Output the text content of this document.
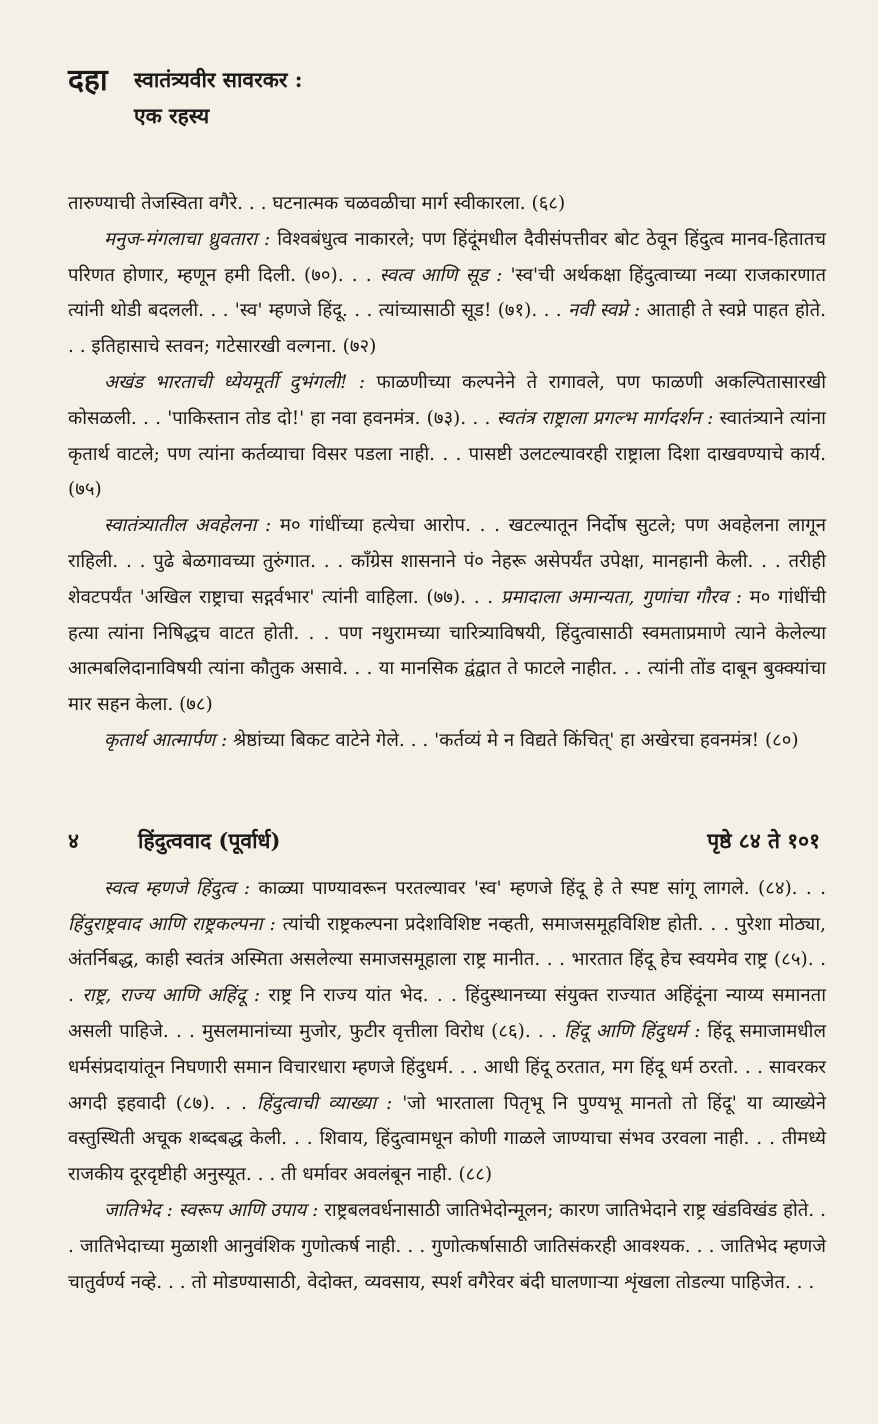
दहा स्वातंत्र्यवीर सावरकर :
एक रहस्य

तारुण्याची तेजस्विता वगैरे. . . घटनात्मक चळवळीचा मार्ग स्वीकारला. (६८)

मनुज-मंगलाचा ध्रुवतारा : विश्वबंधुत्व नाकारले; पण हिंदूंमधील दैवीसंपत्तीवर बोट ठेवून हिंदुत्व मानव-हितातच परिणत होणार, म्हणून हमी दिली. (७०). . . स्वत्व आणि सूड : 'स्व'ची अर्थकक्षा हिंदुत्वाच्या नव्या राजकारणात त्यांनी थोडी बदलली. . . 'स्व' म्हणजे हिंदू. . . त्यांच्यासाठी सूड! (७१). . . नवी स्वप्ने : आताही ते स्वप्ने पाहत होते. . . इतिहासाचे स्तवन; गटेसारखी वल्गना. (७२)

अखंड भारताची ध्येयमूर्ती दुभंगली! : फाळणीच्या कल्पनेने ते रागावले, पण फाळणी अकल्पितासारखी कोसळली. . . 'पाकिस्तान तोड दो!' हा नवा हवनमंत्र. (७३). . . स्वतंत्र राष्ट्राला प्रगल्भ मार्गदर्शन : स्वातंत्र्याने त्यांना कृतार्थ वाटले; पण त्यांना कर्तव्याचा विसर पडला नाही. . . पासष्टी उलटल्यावरही राष्ट्राला दिशा दाखवण्याचे कार्य. (७५)

स्वातंत्र्यातील अवहेलना : म० गांधींच्या हत्येचा आरोप. . . खटल्यातून निर्दोष सुटले; पण अवहेलना लागून राहिली. . . पुढे बेळगावच्या तुरुंगात. . . काँग्रेस शासनाने पं० नेहरू असेपर्यंत उपेक्षा, मानहानी केली. . . तरीही शेवटपर्यंत 'अखिल राष्ट्राचा सद्गर्वभार' त्यांनी वाहिला. (७७). . . प्रमादाला अमान्यता, गुणांचा गौरव : म० गांधींची हत्या त्यांना निषिद्धच वाटत होती. . . पण नथुरामच्या चारित्र्याविषयी, हिंदुत्वासाठी स्वमताप्रमाणे त्याने केलेल्या आत्मबलिदानाविषयी त्यांना कौतुक असावे. . . या मानसिक द्वंद्वात ते फाटले नाहीत. . . त्यांनी तोंड दाबून बुक्क्यांचा मार सहन केला. (७८)

कृतार्थ आत्मार्पण : श्रेष्ठांच्या बिकट वाटेने गेले. . . 'कर्तव्यं मे न विद्यते किंचित्' हा अखेरचा हवनमंत्र! (८०)

४	हिंदुत्ववाद (पूर्वार्ध)	पृष्ठे ८४ ते १०१

स्वत्व म्हणजे हिंदुत्व : काळ्या पाण्यावरून परतल्यावर 'स्व' म्हणजे हिंदू हे ते स्पष्ट सांगू लागले. (८४). . . हिंदुराष्ट्रवाद आणि राष्ट्रकल्पना : त्यांची राष्ट्रकल्पना प्रदेशविशिष्ट नव्हती, समाजसमूहविशिष्ट होती. . . पुरेशा मोठ्या, अंतर्निबद्ध, काही स्वतंत्र अस्मिता असलेल्या समाजसमूहाला राष्ट्र मानीत. . . भारतात हिंदू हेच स्वयमेव राष्ट्र (८५). . . राष्ट्र, राज्य आणि अहिंदू : राष्ट्र नि राज्य यांत भेद. . . हिंदुस्थानच्या संयुक्त राज्यात अहिंदूंना न्याय्य समानता असली पाहिजे. . . मुसलमानांच्या मुजोर, फुटीर वृत्तीला विरोध (८६). . . हिंदू आणि हिंदुधर्म : हिंदू समाजामधील धर्मसंप्रदायांतून निघणारी समान विचारधारा म्हणजे हिंदुधर्म. . . आधी हिंदू ठरतात, मग हिंदू धर्म ठरतो. . . सावरकर अगदी इहवादी (८७). . . हिंदुत्वाची व्याख्या : 'जो भारताला पितृभू नि पुण्यभू मानतो तो हिंदू' या व्याख्येने वस्तुस्थिती अचूक शब्दबद्ध केली. . . शिवाय, हिंदुत्वामधून कोणी गाळले जाण्याचा संभव उरवला नाही. . . तीमध्ये राजकीय दूरदृष्टीही अनुस्यूत. . . ती धर्मावर अवलंबून नाही. (८८)

जातिभेद : स्वरूप आणि उपाय : राष्ट्रबलवर्धनासाठी जातिभेदोन्मूलन; कारण जातिभेदाने राष्ट्र खंडविखंड होते. . . जातिभेदाच्या मुळाशी आनुवंशिक गुणोत्कर्ष नाही. . . गुणोत्कर्षासाठी जातिसंकरही आवश्यक. . . जातिभेद म्हणजे चातुर्वर्ण्य नव्हे. . . तो मोडण्यासाठी, वेदोक्त, व्यवसाय, स्पर्श वगैरेवर बंदी घालणाऱ्या शृंखला तोडल्या पाहिजेत. . .
